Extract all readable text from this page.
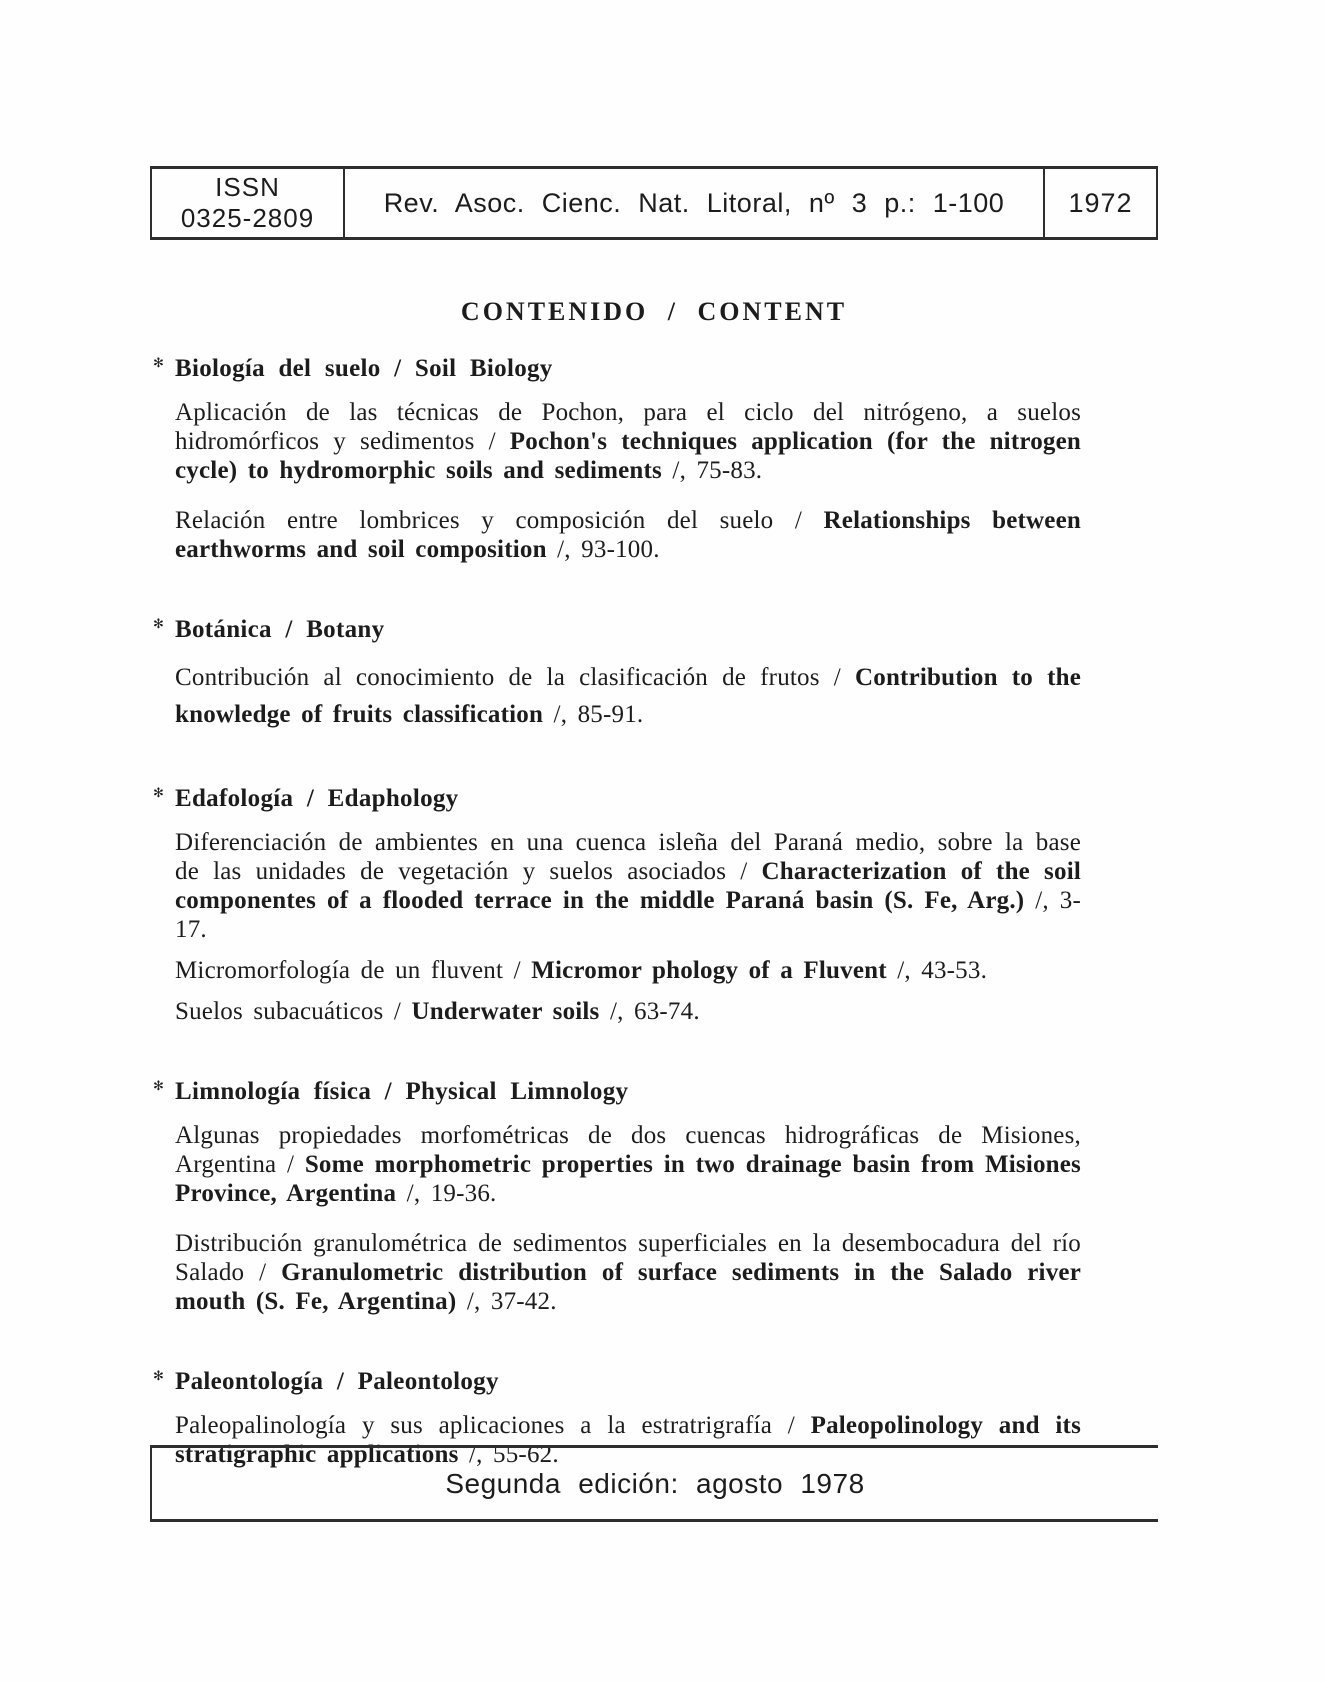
ISSN
0325-2809
Rev. Asoc. Cienc. Nat. Litoral, nº 3 p.: 1-100	1972
CONTENIDO / CONTENT
✻ Biología del suelo / Soil Biology

Aplicación de las técnicas de Pochon, para el ciclo del nitrógeno, a suelos hidromórficos y sedimentos / Pochon's techniques application (for the nitrogen cycle) to hydromorphic soils and sediments /, 75-83.

Relación entre lombrices y composición del suelo / Relationships between earthworms and soil composition /, 93-100.

✻ Botánica / Botany

Contribución al conocimiento de la clasificación de frutos / Contribution to the knowledge of fruits classification /, 85-91.

✻ Edafología / Edaphology

Diferenciación de ambientes en una cuenca isleña del Paraná medio, sobre la base de las unidades de vegetación y suelos asociados / Characterization of the soil componentes of a flooded terrace in the middle Paraná basin (S. Fe, Arg.) /, 3-17.

Micromorfología de un fluvent / Micromor phology of a Fluvent /, 43-53.

Suelos subacuáticos / Underwater soils /, 63-74.

✻ Limnología física / Physical Limnology

Algunas propiedades morfométricas de dos cuencas hidrográficas de Misiones, Argentina / Some morphometric properties in two drainage basin from Misiones Province, Argentina /, 19-36.

Distribución granulométrica de sedimentos superficiales en la desembocadura del río Salado / Granulometric distribution of surface sediments in the Salado river mouth (S. Fe, Argentina) /, 37-42.

✻ Paleontología / Paleontology

Paleopalinología y sus aplicaciones a la estratrigrafía / Paleopolinology and its stratigraphic applications /, 55-62.

Segunda edición: agosto 1978
